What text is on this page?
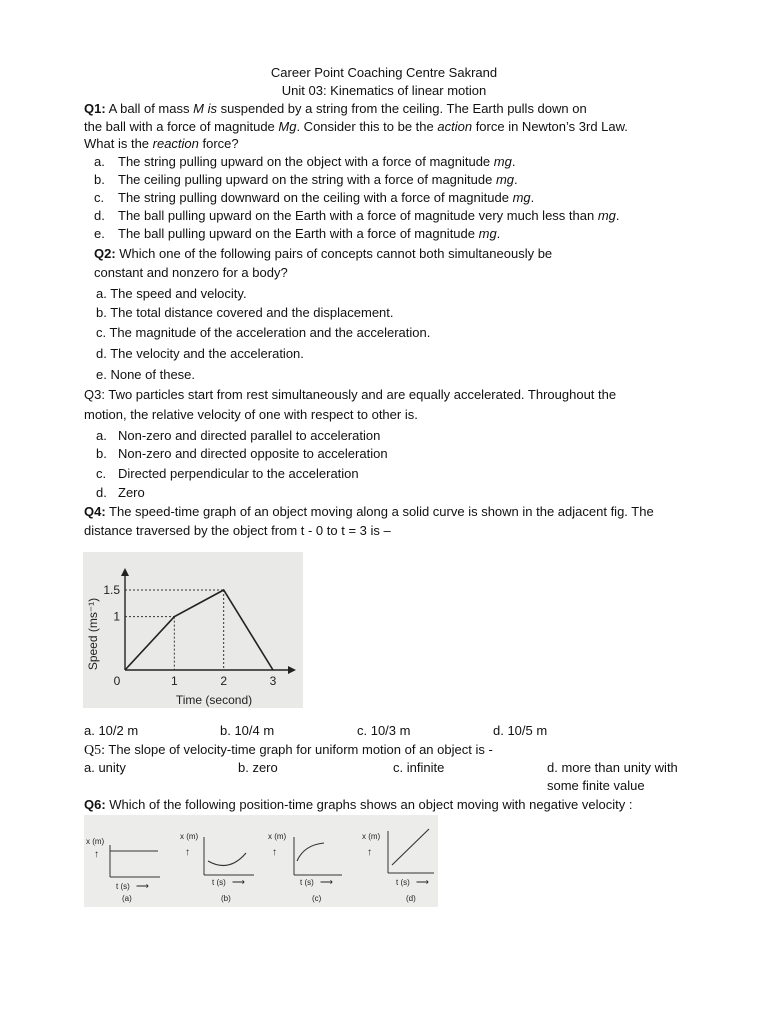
Career Point Coaching Centre Sakrand
Unit 03: Kinematics of linear motion
Q1: A ball of mass M is suspended by a string from the ceiling. The Earth pulls down on
the ball with a force of magnitude Mg. Consider this to be the action force in Newton’s 3rd Law.
What is the reaction force?
a. The string pulling upward on the object with a force of magnitude mg.
b. The ceiling pulling upward on the string with a force of magnitude mg.
c. The string pulling downward on the ceiling with a force of magnitude mg.
d. The ball pulling upward on the Earth with a force of magnitude very much less than mg.
e. The ball pulling upward on the Earth with a force of magnitude mg.
Q2: Which one of the following pairs of concepts cannot both simultaneously be
constant and nonzero for a body?
a. The speed and velocity.
b. The total distance covered and the displacement.
c. The magnitude of the acceleration and the acceleration.
d. The velocity and the acceleration.
e. None of these.
Q3: Two particles start from rest simultaneously and are equally accelerated. Throughout the
motion, the relative velocity of one with respect to other is.
a. Non-zero and directed parallel to acceleration
b. Non-zero and directed opposite to acceleration
c. Directed perpendicular to the acceleration
d. Zero
Q4: The speed-time graph of an object moving along a solid curve is shown in the adjacent fig. The
distance traversed by the object from t - 0 to t = 3 is –
0	1	2	3
1
1.5
Speed (ms⁻¹)
Time (second)
a. 10/2 m	b. 10/4 m	c. 10/3 m	d. 10/5 m
Q5: The slope of velocity-time graph for uniform motion of an object is -
a. unity	b. zero	c. infinite	d. more than unity with
some finite value
Q6: Which of the following position-time graphs shows an object moving with negative velocity :
x (m)
↑
t (s) ⟶
(a)
x (m)
↑
t (s) ⟶
(b)
x (m)
↑
t (s) ⟶
(c)
x (m)
↑
t (s) ⟶
(d)
